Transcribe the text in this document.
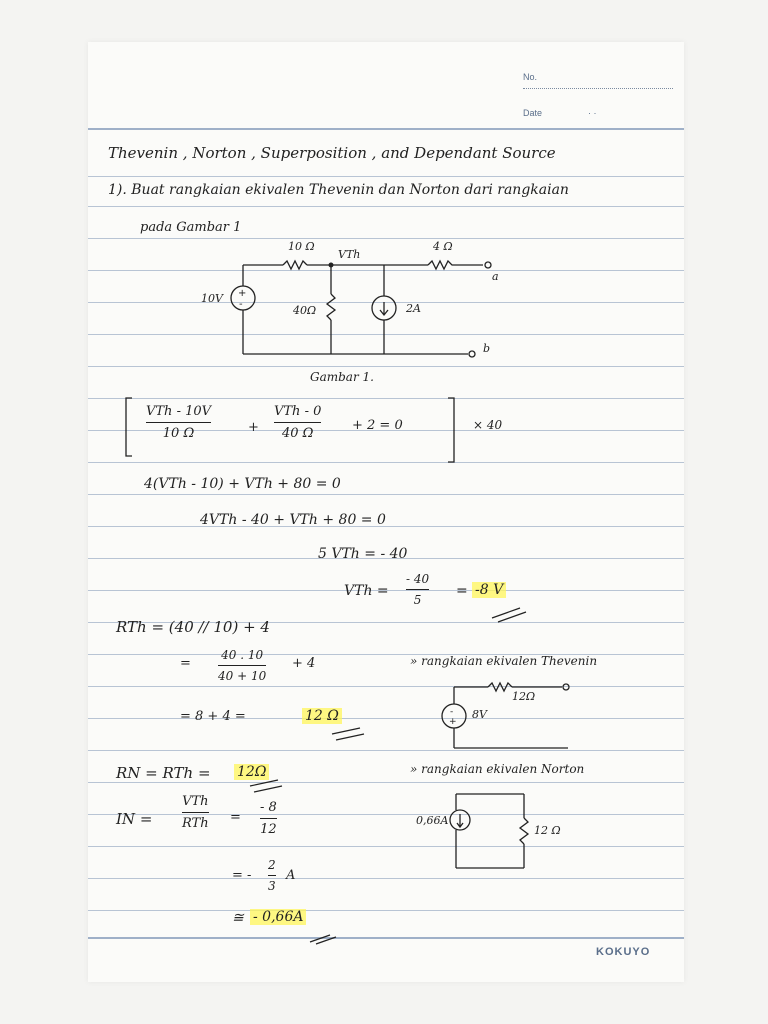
No.
Date	· ·
Thevenin , Norton , Superposition , and Dependant Source
1). Buat rangkaian ekivalen Thevenin dan Norton dari rangkaian
pada Gambar 1
+
-
10 Ω
VTh
4 Ω
a
b
10V
40Ω	2A
Gambar 1.
VTh - 10V
10 Ω	+
VTh - 0
40 Ω
+ 2 = 0	× 40
4(VTh - 10) + VTh + 80 = 0
4VTh - 40 + VTh + 80 = 0
5 VTh = - 40
VTh =
- 40
5
= -8 V
RTh = (40 // 10) + 4
=
40 . 10
40 + 10
+ 4
= 8 + 4 =	12 Ω
» rangkaian ekivalen Thevenin
-
+
12Ω
8V
RN = RTh = 12Ω	» rangkaian ekivalen Norton
0,66A
12 Ω
IN =
VTh
RTh =
- 8
12
= -
2
3
A
≅ - 0,66A
KOKUYO
